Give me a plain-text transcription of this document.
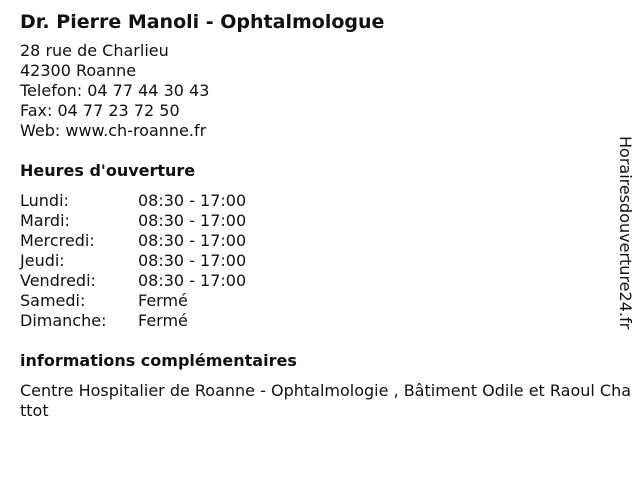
Dr. Pierre Manoli - Ophtalmologue
28 rue de Charlieu
42300 Roanne
Telefon: 04 77 44 30 43
Fax: 04 77 23 72 50
Web: www.ch-roanne.fr
Heures d'ouverture
Lundi:	08:30 - 17:00
Mardi:	08:30 - 17:00
Mercredi:	08:30 - 17:00
Jeudi:	08:30 - 17:00
Vendredi:	08:30 - 17:00
Samedi:	Fermé
Dimanche:	Fermé
informations complémentaires
Centre Hospitalier de Roanne - Ophtalmologie , Bâtiment Odile et Raoul Chattot
Horairesdouverture24.fr
